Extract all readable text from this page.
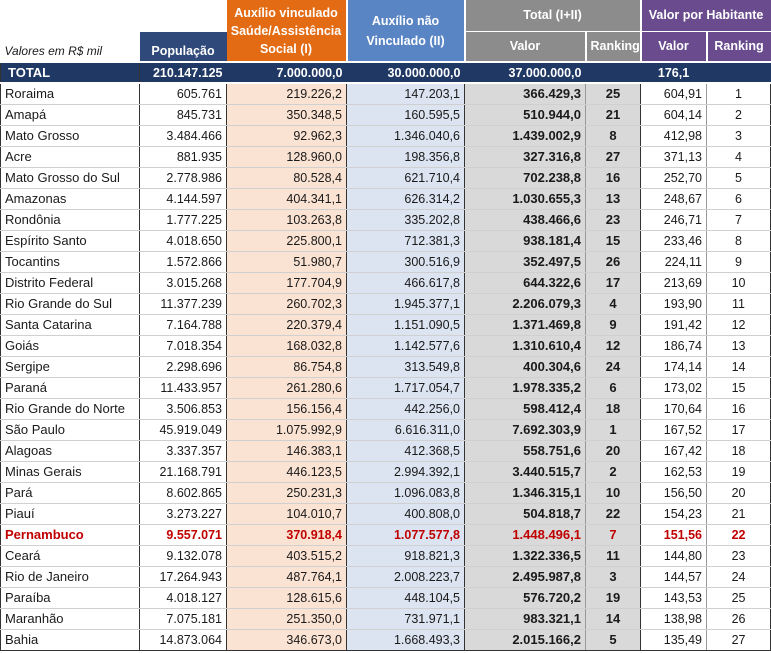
		Auxílio vinculado Saúde/Assistência Social (I)	Auxílio não Vinculado (II)	Total (I+II)		Valor por Habitante	
Valores em R$ mil	População			Valor	Ranking	Valor	Ranking
TOTAL	210.147.125	7.000.000,0	30.000.000,0	37.000.000,0		176,1	
Roraima	605.761	219.226,2	147.203,1	366.429,3	25	604,91	1
Amapá	845.731	350.348,5	160.595,5	510.944,0	21	604,14	2
Mato Grosso	3.484.466	92.962,3	1.346.040,6	1.439.002,9	8	412,98	3
Acre	881.935	128.960,0	198.356,8	327.316,8	27	371,13	4
Mato Grosso do Sul	2.778.986	80.528,4	621.710,4	702.238,8	16	252,70	5
Amazonas	4.144.597	404.341,1	626.314,2	1.030.655,3	13	248,67	6
Rondônia	1.777.225	103.263,8	335.202,8	438.466,6	23	246,71	7
Espírito Santo	4.018.650	225.800,1	712.381,3	938.181,4	15	233,46	8
Tocantins	1.572.866	51.980,7	300.516,9	352.497,5	26	224,11	9
Distrito Federal	3.015.268	177.704,9	466.617,8	644.322,6	17	213,69	10
Rio Grande do Sul	11.377.239	260.702,3	1.945.377,1	2.206.079,3	4	193,90	11
Santa Catarina	7.164.788	220.379,4	1.151.090,5	1.371.469,8	9	191,42	12
Goiás	7.018.354	168.032,8	1.142.577,6	1.310.610,4	12	186,74	13
Sergipe	2.298.696	86.754,8	313.549,8	400.304,6	24	174,14	14
Paraná	11.433.957	261.280,6	1.717.054,7	1.978.335,2	6	173,02	15
Rio Grande do Norte	3.506.853	156.156,4	442.256,0	598.412,4	18	170,64	16
São Paulo	45.919.049	1.075.992,9	6.616.311,0	7.692.303,9	1	167,52	17
Alagoas	3.337.357	146.383,1	412.368,5	558.751,6	20	167,42	18
Minas Gerais	21.168.791	446.123,5	2.994.392,1	3.440.515,7	2	162,53	19
Pará	8.602.865	250.231,3	1.096.083,8	1.346.315,1	10	156,50	20
Piauí	3.273.227	104.010,7	400.808,0	504.818,7	22	154,23	21
Pernambuco	9.557.071	370.918,4	1.077.577,8	1.448.496,1	7	151,56	22
Ceará	9.132.078	403.515,2	918.821,3	1.322.336,5	11	144,80	23
Rio de Janeiro	17.264.943	487.764,1	2.008.223,7	2.495.987,8	3	144,57	24
Paraíba	4.018.127	128.615,6	448.104,5	576.720,2	19	143,53	25
Maranhão	7.075.181	251.350,0	731.971,1	983.321,1	14	138,98	26
Bahia	14.873.064	346.673,0	1.668.493,3	2.015.166,2	5	135,49	27
